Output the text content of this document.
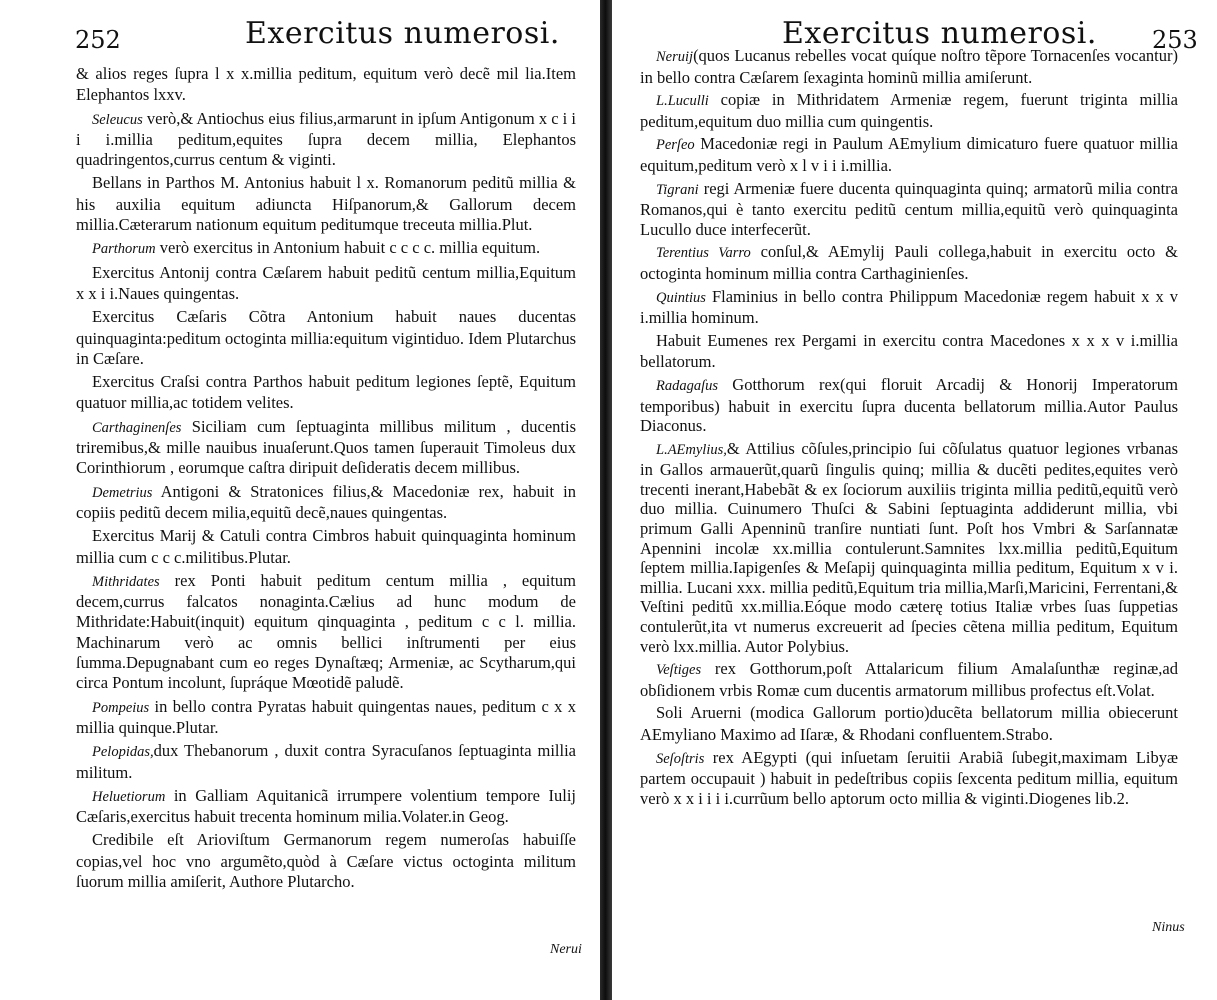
252	Exercitus numerosi.

& alios reges ſupra l x x.millia peditum, equitum verò decẽ mil lia.Item Elephantos lxxv.

Seleucus verò,& Antiochus eius filius,armarunt in ipſum Antigonum x c i i i i.millia peditum,equites ſupra decem millia, Elephantos quadringentos,currus centum & viginti.

Bellans in Parthos M. Antonius habuit l x. Romanorum peditũ millia & his auxilia equitum adiuncta Hiſpanorum,& Gallorum decem millia.Cæterarum nationum equitum peditumque treceuta millia.Plut.

Parthorum verò exercitus in Antonium habuit c c c c. millia equitum.

Exercitus Antonij contra Cæſarem habuit peditũ centum millia,Equitum x x i i.Naues quingentas.

Exercitus Cæſaris Cõtra Antonium habuit naues ducentas quinquaginta:peditum octoginta millia:equitum vigintiduo. Idem Plutarchus in Cæſare.

Exercitus Craſsi contra Parthos habuit peditum legiones ſeptẽ, Equitum quatuor millia,ac totidem velites.

Carthaginenſes Siciliam cum ſeptuaginta millibus militum , ducentis triremibus,& mille nauibus inuaſerunt.Quos tamen ſuperauit Timoleus dux Corinthiorum , eorumque caſtra diripuit deſideratis decem millibus.

Demetrius Antigoni & Stratonices filius,& Macedoniæ rex, habuit in copiis peditũ decem milia,equitũ decẽ,naues quingentas.

Exercitus Marij & Catuli contra Cimbros habuit quinquaginta hominum millia cum c c c.militibus.Plutar.

Mithridates rex Ponti habuit peditum centum millia , equitum decem,currus falcatos nonaginta.Cælius ad hunc modum de Mithridate:Habuit(inquit) equitum qinquaginta , peditum c c l. millia. Machinarum verò ac omnis bellici inſtrumenti per eius ſumma.Depugnabant cum eo reges Dynaſtæq; Armeniæ, ac Scytharum,qui circa Pontum incolunt, ſupráque Mœotidẽ paludẽ.

Pompeius in bello contra Pyratas habuit quingentas naues, peditum c x x millia quinque.Plutar.

Pelopidas,dux Thebanorum , duxit contra Syracuſanos ſeptuaginta millia militum.

Heluetiorum in Galliam Aquitanicã irrumpere volentium tempore Iulij Cæſaris,exercitus habuit trecenta hominum milia.Volater.in Geog.

Credibile eſt Arioviſtum Germanorum regem numeroſas habuiſſe copias,vel hoc vno argumẽto,quòd à Cæſare victus octoginta militum ſuorum millia amiſerit, Authore Plutarcho.

Nerui
Exercitus numerosi. 253

Neruij(quos Lucanus rebelles vocat quíque noſtro tẽpore Tornacenſes vocantur) in bello contra Cæſarem ſexaginta hominũ millia amiſerunt.

L.Luculli copiæ in Mithridatem Armeniæ regem, fuerunt triginta millia peditum,equitum duo millia cum quingentis.

Perſeo Macedoniæ regi in Paulum AEmylium dimicaturo fuere quatuor millia equitum,peditum verò x l v i i i.millia.

Tigrani regi Armeniæ fuere ducenta quinquaginta quinq; armatorũ milia contra Romanos,qui è tanto exercitu peditũ centum millia,equitũ verò quinquaginta Lucullo duce interfecerũt.

Terentius Varro conſul,& AEmylij Pauli collega,habuit in exercitu octo & octoginta hominum millia contra Carthaginienſes.

Quintius Flaminius in bello contra Philippum Macedoniæ regem habuit x x v i.millia hominum.

Habuit Eumenes rex Pergami in exercitu contra Macedones x x x v i.millia bellatorum.

Radagaſus Gotthorum rex(qui floruit Arcadij & Honorij Imperatorum temporibus) habuit in exercitu ſupra ducenta bellatorum millia.Autor Paulus Diaconus.

L.AEmylius,& Attilius cõſules,principio ſui cõſulatus quatuor legiones vrbanas in Gallos armauerũt,quarũ ſingulis quinq; millia & ducẽti pedites,equites verò trecenti inerant,Habebãt & ex ſociorum auxiliis triginta millia peditũ,equitũ verò duo millia. Cuinumero Thuſci & Sabini ſeptuaginta addiderunt millia, vbi primum Galli Apenninũ tranſire nuntiati ſunt. Poſt hos Vmbri & Sarſannatæ Apennini incolæ xx.millia contulerunt.Samnites lxx.millia peditũ,Equitum ſeptem millia.Iapigenſes & Meſapij quinquaginta millia peditum, Equitum x v i. millia. Lucani xxx. millia peditũ,Equitum tria millia,Marſi,Maricini, Ferrentani,& Veſtini peditũ xx.millia.Eóque modo cæterę totius Italiæ vrbes ſuas ſuppetias contulerũt,ita vt numerus excreuerit ad ſpecies cẽtena millia peditum, Equitum verò lxx.millia. Autor Polybius.

Veſtiges rex Gotthorum,poſt Attalaricum filium Amalaſunthæ reginæ,ad obſidionem vrbis Romæ cum ducentis armatorum millibus profectus eſt.Volat.

Soli Aruerni (modica Gallorum portio)ducẽta bellatorum millia obiecerunt AEmyliano Maximo ad Iſaræ, & Rhodani confluentem.Strabo.

Seſoſtris rex AEgypti (qui inſuetam ſeruitii Arabiã ſubegit,maximam Libyæ partem occupauit ) habuit in pedeſtribus copiis ſexcenta peditum millia, equitum verò x x i i i i.currũum bello aptorum octo millia & viginti.Diogenes lib.2.

Ninus
